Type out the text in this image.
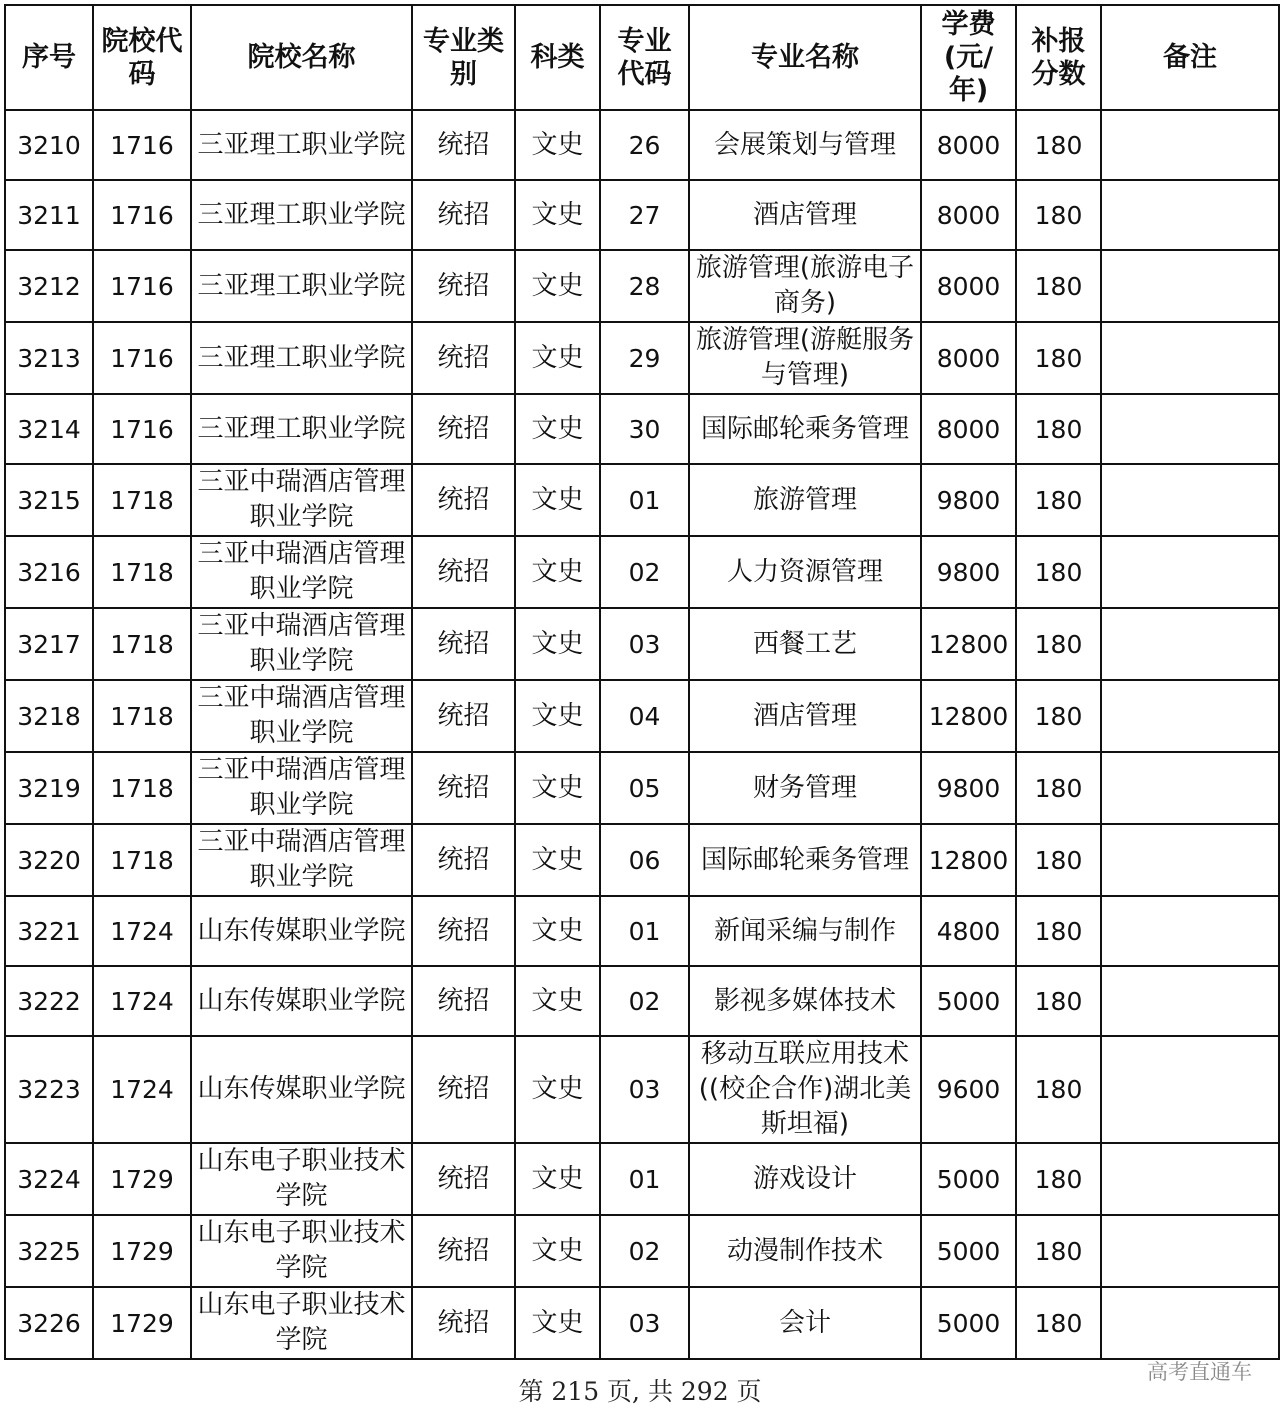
序号	院校代码	院校名称	专业类别	科类	专业代码	专业名称	学费(元/年)	补报分数	备注
3210	1716	三亚理工职业学院	统招	文史	26	会展策划与管理	8000	180	
3211	1716	三亚理工职业学院	统招	文史	27	酒店管理	8000	180	
3212	1716	三亚理工职业学院	统招	文史	28	旅游管理(旅游电子商务)	8000	180	
3213	1716	三亚理工职业学院	统招	文史	29	旅游管理(游艇服务与管理)	8000	180	
3214	1716	三亚理工职业学院	统招	文史	30	国际邮轮乘务管理	8000	180	
3215	1718	三亚中瑞酒店管理职业学院	统招	文史	01	旅游管理	9800	180	
3216	1718	三亚中瑞酒店管理职业学院	统招	文史	02	人力资源管理	9800	180	
3217	1718	三亚中瑞酒店管理职业学院	统招	文史	03	西餐工艺	12800	180	
3218	1718	三亚中瑞酒店管理职业学院	统招	文史	04	酒店管理	12800	180	
3219	1718	三亚中瑞酒店管理职业学院	统招	文史	05	财务管理	9800	180	
3220	1718	三亚中瑞酒店管理职业学院	统招	文史	06	国际邮轮乘务管理	12800	180	
3221	1724	山东传媒职业学院	统招	文史	01	新闻采编与制作	4800	180	
3222	1724	山东传媒职业学院	统招	文史	02	影视多媒体技术	5000	180	
3223	1724	山东传媒职业学院	统招	文史	03	移动互联应用技术((校企合作)湖北美斯坦福)	9600	180	
3224	1729	山东电子职业技术学院	统招	文史	01	游戏设计	5000	180	
3225	1729	山东电子职业技术学院	统招	文史	02	动漫制作技术	5000	180	
3226	1729	山东电子职业技术学院	统招	文史	03	会计	5000	180	
第 215 页, 共 292 页
高考直通车
